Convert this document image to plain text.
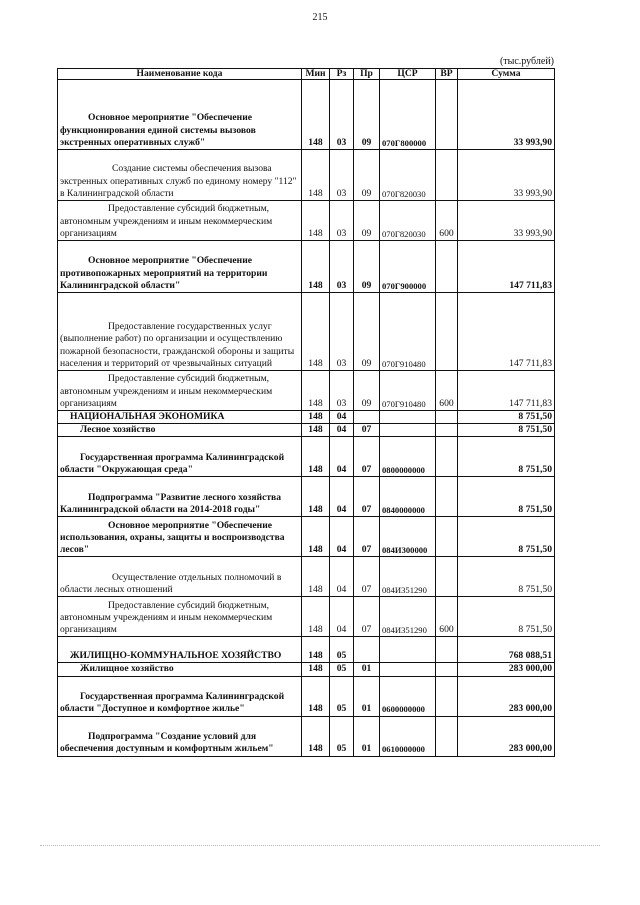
215
(тыс.рублей)
Наименование кода	Мин	Рз	Пр	ЦСР	ВР	Сумма
Основное мероприятие "Обеспечение функционирования единой системы вызовов экстренных оперативных служб"	148	03	09	070Г800000		33 993,90
Создание системы обеспечения вызова экстренных оперативных служб по единому номеру "112" в Калининградской области	148	03	09	070Г820030		33 993,90
Предоставление субсидий бюджетным, автономным учреждениям и иным некоммерческим организациям	148	03	09	070Г820030	600	33 993,90
Основное мероприятие "Обеспечение противопожарных мероприятий на территории Калининградской области"	148	03	09	070Г900000		147 711,83
Предоставление государственных услуг (выполнение работ) по организации и осуществлению пожарной безопасности, гражданской обороны и защиты населения и территорий от чрезвычайных ситуаций	148	03	09	070Г910480		147 711,83
Предоставление субсидий бюджетным, автономным учреждениям и иным некоммерческим организациям	148	03	09	070Г910480	600	147 711,83
НАЦИОНАЛЬНАЯ ЭКОНОМИКА	148	04				8 751,50
Лесное хозяйство	148	04	07			8 751,50
Государственная программа Калининградской области "Окружающая среда"	148	04	07	0800000000		8 751,50
Подпрограмма "Развитие лесного хозяйства Калининградской области на 2014-2018 годы"	148	04	07	0840000000		8 751,50
Основное мероприятие "Обеспечение использования, охраны, защиты и воспроизводства лесов"	148	04	07	084И300000		8 751,50
Осуществление отдельных полномочий в области лесных отношений	148	04	07	084И351290		8 751,50
Предоставление субсидий бюджетным, автономным учреждениям и иным некоммерческим организациям	148	04	07	084И351290	600	8 751,50
ЖИЛИЩНО-КОММУНАЛЬНОЕ ХОЗЯЙСТВО	148	05				768 088,51
Жилищное хозяйство	148	05	01			283 000,00
Государственная программа Калининградской области "Доступное и комфортное жилье"	148	05	01	0600000000		283 000,00
Подпрограмма "Создание условий для обеспечения доступным и комфортным жильем"	148	05	01	0610000000		283 000,00
